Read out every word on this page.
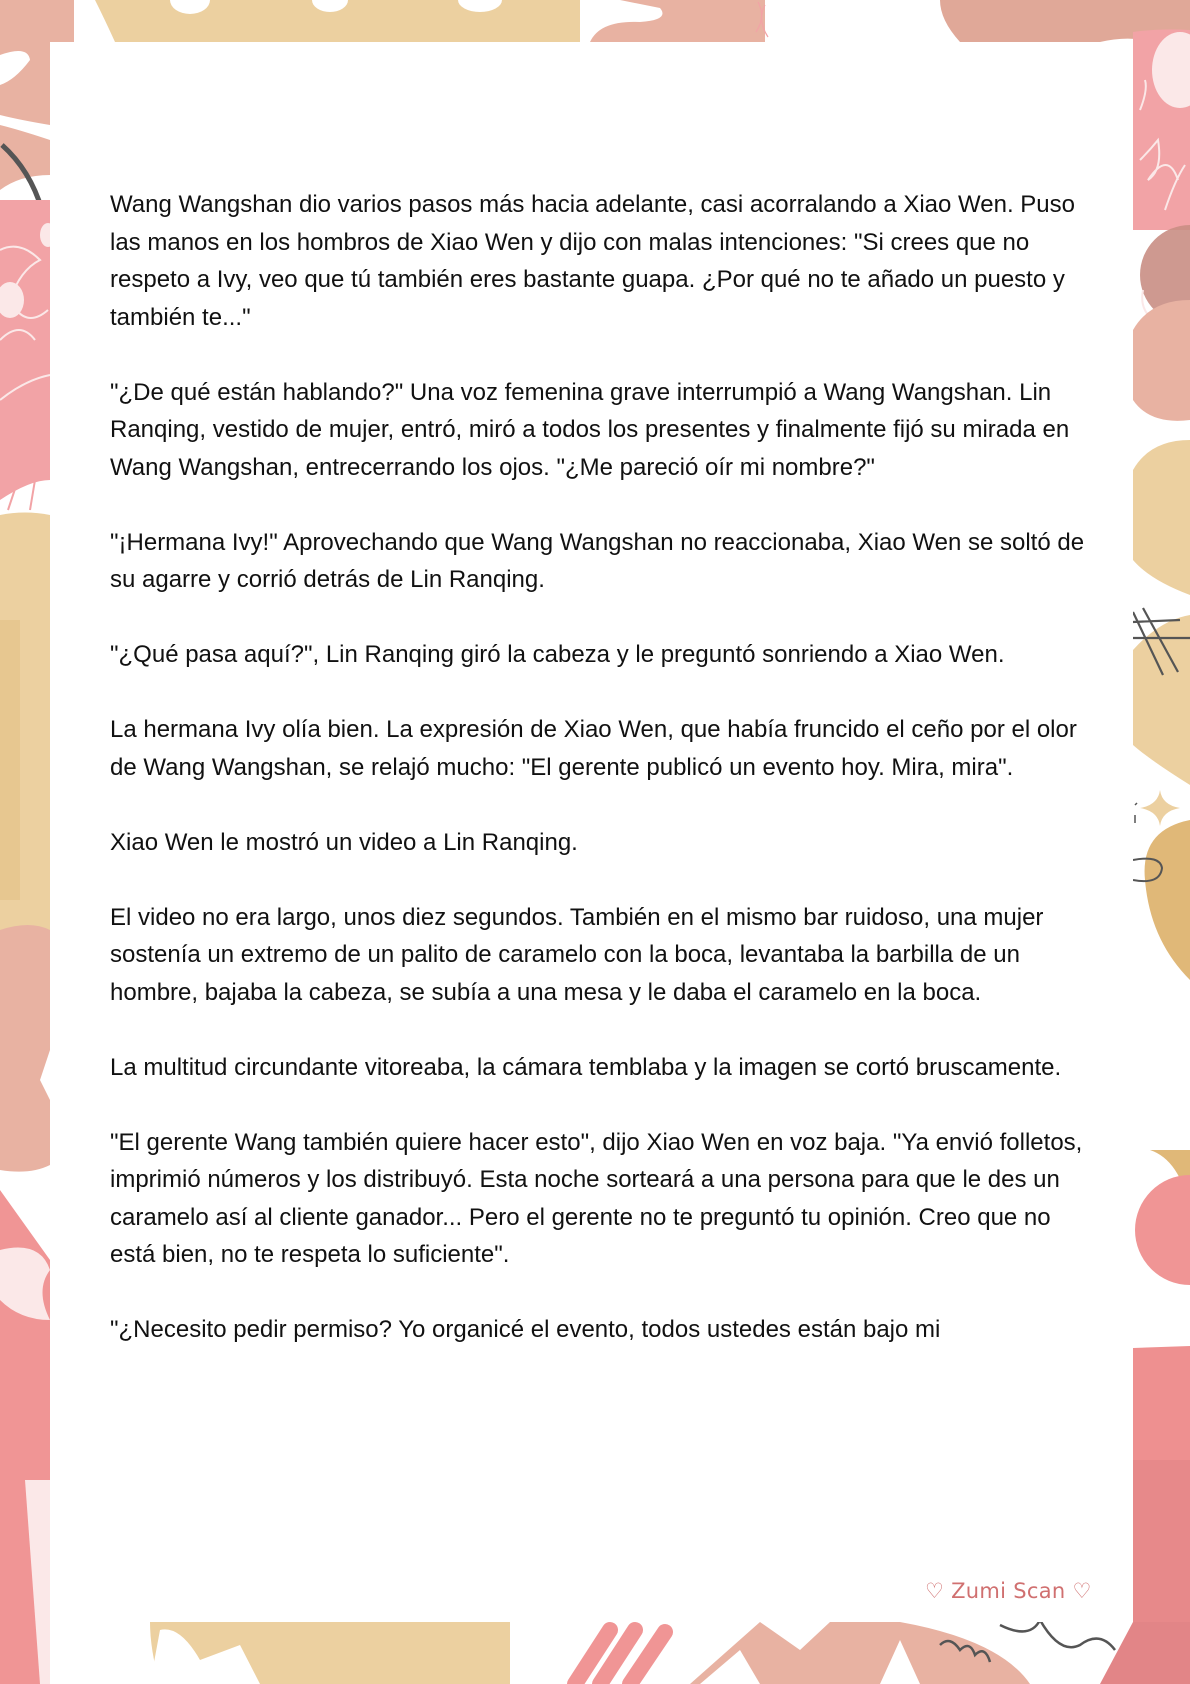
Wang Wangshan dio varios pasos más hacia adelante, casi acorralando a Xiao Wen. Puso las manos en los hombros de Xiao Wen y dijo con malas intenciones: "Si crees que no respeto a Ivy, veo que tú también eres bastante guapa. ¿Por qué no te añado un puesto y también te..."

"¿De qué están hablando?" Una voz femenina grave interrumpió a Wang Wangshan. Lin Ranqing, vestido de mujer, entró, miró a todos los presentes y finalmente fijó su mirada en Wang Wangshan, entrecerrando los ojos. "¿Me pareció oír mi nombre?"

"¡Hermana Ivy!" Aprovechando que Wang Wangshan no reaccionaba, Xiao Wen se soltó de su agarre y corrió detrás de Lin Ranqing.

"¿Qué pasa aquí?", Lin Ranqing giró la cabeza y le preguntó sonriendo a Xiao Wen.

La hermana Ivy olía bien. La expresión de Xiao Wen, que había fruncido el ceño por el olor de Wang Wangshan, se relajó mucho: "El gerente publicó un evento hoy. Mira, mira".

Xiao Wen le mostró un video a Lin Ranqing.

El video no era largo, unos diez segundos. También en el mismo bar ruidoso, una mujer sostenía un extremo de un palito de caramelo con la boca, levantaba la barbilla de un hombre, bajaba la cabeza, se subía a una mesa y le daba el caramelo en la boca.

La multitud circundante vitoreaba, la cámara temblaba y la imagen se cortó bruscamente.

"El gerente Wang también quiere hacer esto", dijo Xiao Wen en voz baja. "Ya envió folletos, imprimió números y los distribuyó. Esta noche sorteará a una persona para que le des un caramelo así al cliente ganador... Pero el gerente no te preguntó tu opinión. Creo que no está bien, no te respeta lo suficiente".

"¿Necesito pedir permiso? Yo organicé el evento, todos ustedes están bajo mi

♡ Zumi Scan ♡
